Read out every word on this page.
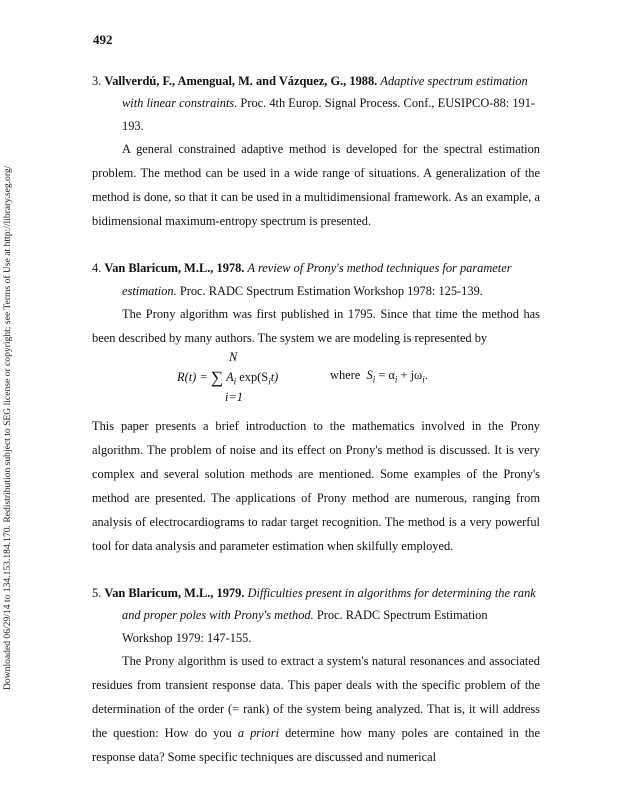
492
Downloaded 06/29/14 to 134.153.184.170. Redistribution subject to SEG license or copyright; see Terms of Use at http://library.seg.org/
3. Vallverdú, F., Amengual, M. and Vázquez, G., 1988. Adaptive spectrum estimation with linear constraints. Proc. 4th Europ. Signal Process. Conf., EUSIPCO-88: 191-193.

A general constrained adaptive method is developed for the spectral estimation problem. The method can be used in a wide range of situations. A generalization of the method is done, so that it can be used in a multidimensional framework. As an example, a bidimensional maximum-entropy spectrum is presented.

4. Van Blaricum, M.L., 1978. A review of Prony's method techniques for parameter estimation. Proc. RADC Spectrum Estimation Workshop 1978: 125-139.

The Prony algorithm was first published in 1795. Since that time the method has been described by many authors. The system we are modeling is represented by

N
R(t) = ∑ $A_i$ $\exp(S_it)$
i=1
where $S_i = \alpha_i + j\omega_i$.

This paper presents a brief introduction to the mathematics involved in the Prony algorithm. The problem of noise and its effect on Prony's method is discussed. It is very complex and several solution methods are mentioned. Some examples of the Prony's method are presented. The applications of Prony method are numerous, ranging from analysis of electrocardiograms to radar target recognition. The method is a very powerful tool for data analysis and parameter estimation when skilfully employed.

5. Van Blaricum, M.L., 1979. Difficulties present in algorithms for determining the rank and proper poles with Prony's method. Proc. RADC Spectrum Estimation Workshop 1979: 147-155.

The Prony algorithm is used to extract a system's natural resonances and associated residues from transient response data. This paper deals with the specific problem of the determination of the order (= rank) of the system being analyzed. That is, it will address the question: How do you a priori determine how many poles are contained in the response data? Some specific techniques are discussed and numerical
